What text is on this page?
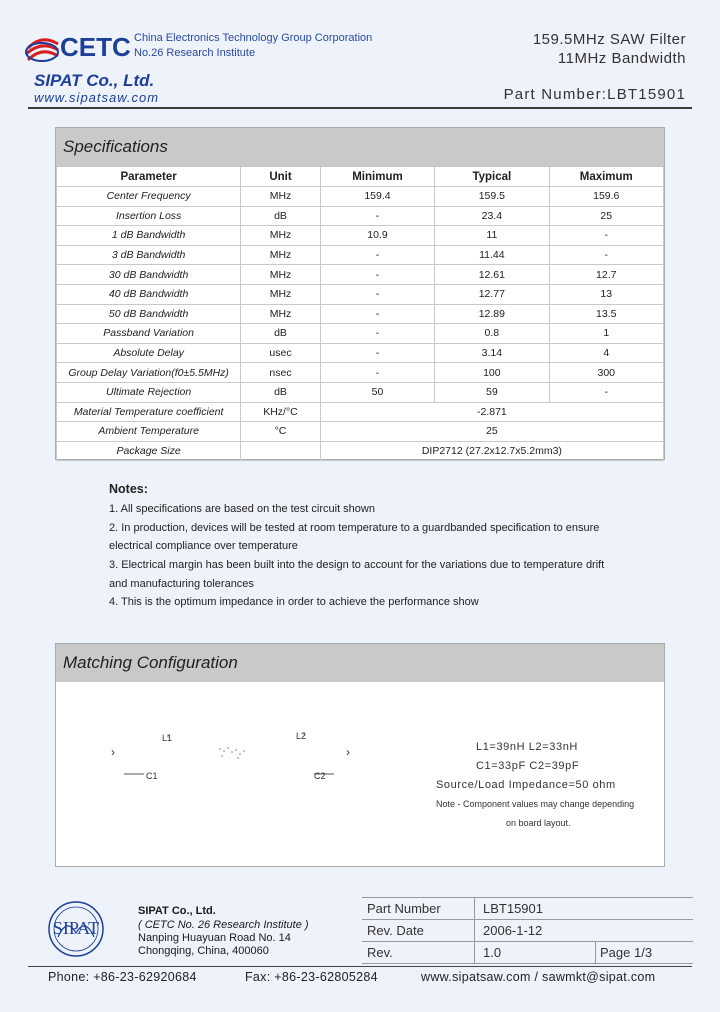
CETC China Electronics Technology Group Corporation
No.26 Research Institute
159.5MHz SAW Filter
11MHz Bandwidth
SIPAT Co., Ltd.
www.sipatsaw.com	Part Number:LBT15901
Specifications
Parameter	Unit	Minimum	Typical	Maximum
Center Frequency	MHz	159.4	159.5	159.6
Insertion Loss	dB	-	23.4	25
1 dB Bandwidth	MHz	10.9	11	-
3 dB Bandwidth	MHz	-	11.44	-
30 dB Bandwidth	MHz	-	12.61	12.7
40 dB Bandwidth	MHz	-	12.77	13
50 dB Bandwidth	MHz	-	12.89	13.5
Passband Variation	dB	-	0.8	1
Absolute Delay	usec	-	3.14	4
Group Delay Variation(f0±5.5MHz)	nsec	-	100	300
Ultimate Rejection	dB	50	59	-
Material Temperature coefficient	KHz/°C	-2.871		
Ambient Temperature	°C	25		
Package Size		DIP2712 (27.2x12.7x5.2mm3)		
Notes:
1. All specifications are based on the test circuit shown
2. In production, devices will be tested at room temperature to a guardbanded specification to ensure
electrical compliance over temperature
3. Electrical margin has been built into the design to account for the variations due to temperature drift
and manufacturing tolerances
4. This is the optimum impedance in order to achieve the performance show
Matching Configuration
›	›
L1	L2
C1	C2
L1=39nH L2=33nH
C1=33pF C2=39pF
Source/Load Impedance=50 ohm
Note - Component values may change depending
on board layout.
SIPAT
SIPAT Co., Ltd.
( CETC No. 26 Research Institute )
Nanping Huayuan Road No. 14
Chongqing, China, 400060
Part Number	LBT15901
Rev. Date	2006-1-12
Rev.	1.0	Page 1/3
Phone: +86-23-62920684	Fax: +86-23-62805284	www.sipatsaw.com / sawmkt@sipat.com
